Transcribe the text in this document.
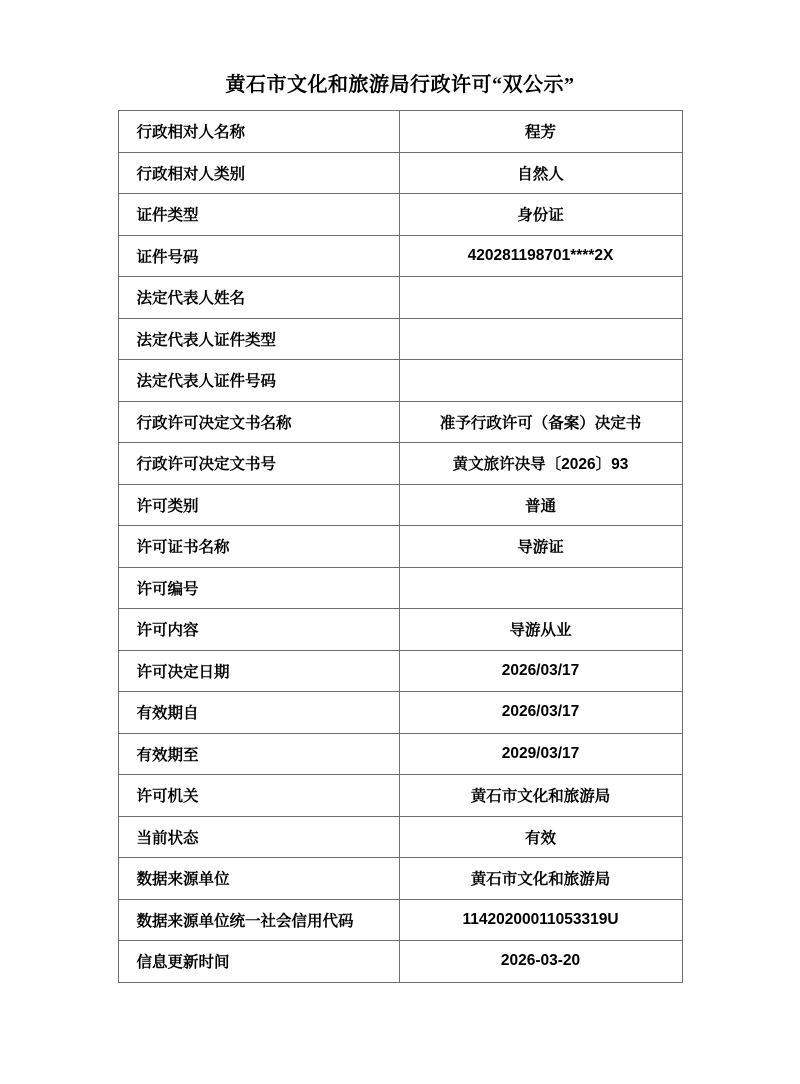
黄石市文化和旅游局行政许可“双公示”
行政相对人名称	程芳
行政相对人类别	自然人
证件类型	身份证
证件号码	420281198701****2X
法定代表人姓名	
法定代表人证件类型	
法定代表人证件号码	
行政许可决定文书名称	准予行政许可（备案）决定书
行政许可决定文书号	黄文旅许决导〔2026〕93
许可类别	普通
许可证书名称	导游证
许可编号	
许可内容	导游从业
许可决定日期	2026/03/17
有效期自	2026/03/17
有效期至	2029/03/17
许可机关	黄石市文化和旅游局
当前状态	有效
数据来源单位	黄石市文化和旅游局
数据来源单位统一社会信用代码	11420200011053319U
信息更新时间	2026-03-20
